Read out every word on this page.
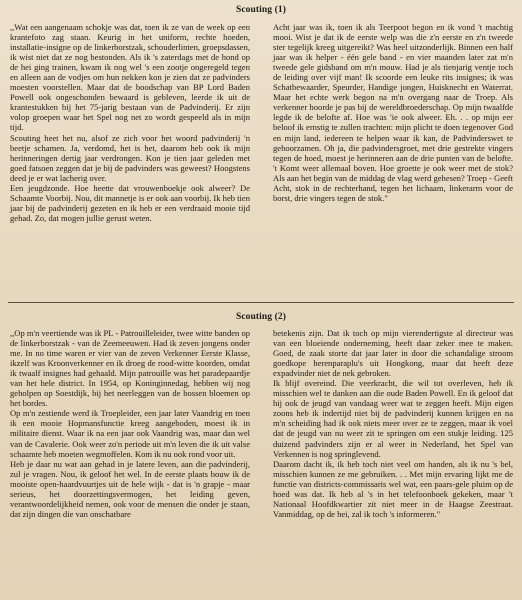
Scouting (1)

,,Wat een aangenaam schokje was dat, toen ik ze van de week op een krantefoto zag staan. Keurig in het uniform, rechte hoeden, installatie-insigne op de linkerborstzak, schouderlinten, groepsdassen, ik wist niet dat ze nog bestonden. Als ik 's zaterdags met de hond op de hei ging trainen, kwam ik nog wel 's een zootje ongeregeld tegen en alleen aan de vodjes om hun nekken kon je zien dat ze padvinders moesten voorstellen. Maar dat de boodschap van BP Lord Baden Powell ook ongeschonden bewaard is gebleven, leerde ik uit de krantestukken bij het 75-jarig bestaan van de Padvinderij. Er zijn volop groepen waar het Spel nog net zo wordt gespeeld als in mijn tijd.

Scouting heet het nu, alsof ze zich voor het woord padvinderij 'n beetje schamen. Ja, verdomd, het is het, daarom heb ook ik mijn herinneringen dertig jaar verdrongen. Kon je tien jaar geleden met goed fatsoen zeggen dat je bij de padvinders was geweest? Hoogstens deed je er wat lacherig over.

Een jeugdzonde. Hoe heette dat vrouwenboekje ook alweer? De Schaamte Voorbij. Nou, dit mannetje is er ook aan voorbij. Ik heb tien jaar bij de padvinderij gezeten en ik heb er een verdraaid mooie tijd gehad. Zo, dat mogen jullie gerust weten.

Acht jaar was ik, toen ik als Teerpoot begon en ik vond 't machtig mooi. Wist je dat ik de eerste welp was die z'n eerste en z'n tweede ster tegelijk kreeg uitgereikt? Was heel uitzonderlijk. Binnen een half jaar was ik helper - één gele band - en vier maanden later zat m'n tweede gele gidsband om m'n mouw. Had je als tienjarig ventje toch de leiding over vijf man! Ik scoorde een leuke rits insignes; ik was Schatbewaarder, Speurder, Handige jongen, Huisknecht en Waterrat. Maar het echte werk begon na m'n overgang naar de Troep. Als verkenner hoorde je pas bij de wereldbroederschap. Op mijn twaalfde legde ik de belofte af. Hoe was 'ie ook alweer. Eh. . . op mijn eer beloof ik ernstig te zullen trachten: mijn plicht te doen tegenover God en mijn land, iedereen te helpen waar ik kan, de Padvinderswet te gehoorzamen. Oh ja, die padvindersgroet, met drie gestrekte vingers tegen de hoed, moest je herinneren aan de drie punten van de belofte. 't Komt weer allemaal boven. Hoe groette je ook weer met de stok? Als aan het begin van de middag de vlag werd gehesen? Troep - Geeft Acht, stok in de rechterhand, tegen het lichaam, linkerarm voor de borst, drie vingers tegen de stok."

Scouting (2)

,,Op m'n veertiende was ik PL - Patrouilleleider, twee witte banden op de linkerborstzak - van de Zeemeeuwen. Had ik zeven jongens onder me. In no time waren er vier van de zeven Verkenner Eerste Klasse, ikzelf was Kroonverkenner en ik droeg de rood-witte koorden, omdat ik twaalf insignes had gehaald. Mijn patrouille was het paradepaardje van het hele district. In 1954, op Koninginnedag, hebben wij nog geholpen op Soestdijk, bij het neerleggen van de bossen bloemen op het bordes.

Op m'n zestiende werd ik Troepleider, een jaar later Vaandrig en toen ik een mooie Hopmansfunctie kreeg aangeboden, moest ik in militaire dienst. Waar ik na een jaar ook Vaandrig was, maar dan wel van de Cavalerie. Ook weer zo'n periode uit m'n leven die ik uit valse schaamte heb moeten wegmoffelen. Kom ik nu ook rond voor uit.

Heb je daar nu wat aan gehad in je latere leven, aan die padvinderij, zul je vragen. Nou, ik geloof het wel. In de eerste plaats bouw ik de mooiste open-haardvuurtjes uit de hele wijk - dat is 'n grapje - maar serieus, het doorzettingsvermogen, het leiding geven, verantwoordelijkheid nemen, ook voor de mensen die onder je staan, dat zijn dingen die van onschatbare

betekenis zijn. Dat ik toch op mijn vierendertigste al directeur was van een bloeiende onderneming, heeft daar zeker mee te maken. Goed, de zaak storte dat jaar later in door die schandalige stroom goedkope herenparaplu's uit Hongkong, maar dat heeft deze expadvinder niet de nek gebroken.

Ik blijf overeind. Die veerkracht, die wil tot overleven, heb ik misschien wel te danken aan die oude Baden Powell. En ik geloof dat hij ook de jeugd van vandaag weer wat te zeggen heeft. Mijn eigen zoons heb ik indertijd niet bij de padvinderij kunnen krijgen en na m'n scheiding had ik ook niets meer over ze te zeggen, maar ik voel dat de jeugd van nu weer zit te springen om een stukje leiding. 125 duizend padvinders zijn er al weer in Nederland, het Spel van Verkennen is nog springlevend.

Daarom dacht ik, ik heb toch niet veel om handen, als ik nu 's bel, misschien kunnen ze me gebruiken. . . Met mijn ervaring lijkt me de functie van districts-commissaris wel wat, een paars-gele pluim op de hoed was dat. Ik heb al 's in het telefoonboek gekeken, maar 't Nationaal Hoofdkwartier zit niet meer in de Haagse Zeestraat. Vanmiddag, op de hei, zal ik toch 's informeren."
